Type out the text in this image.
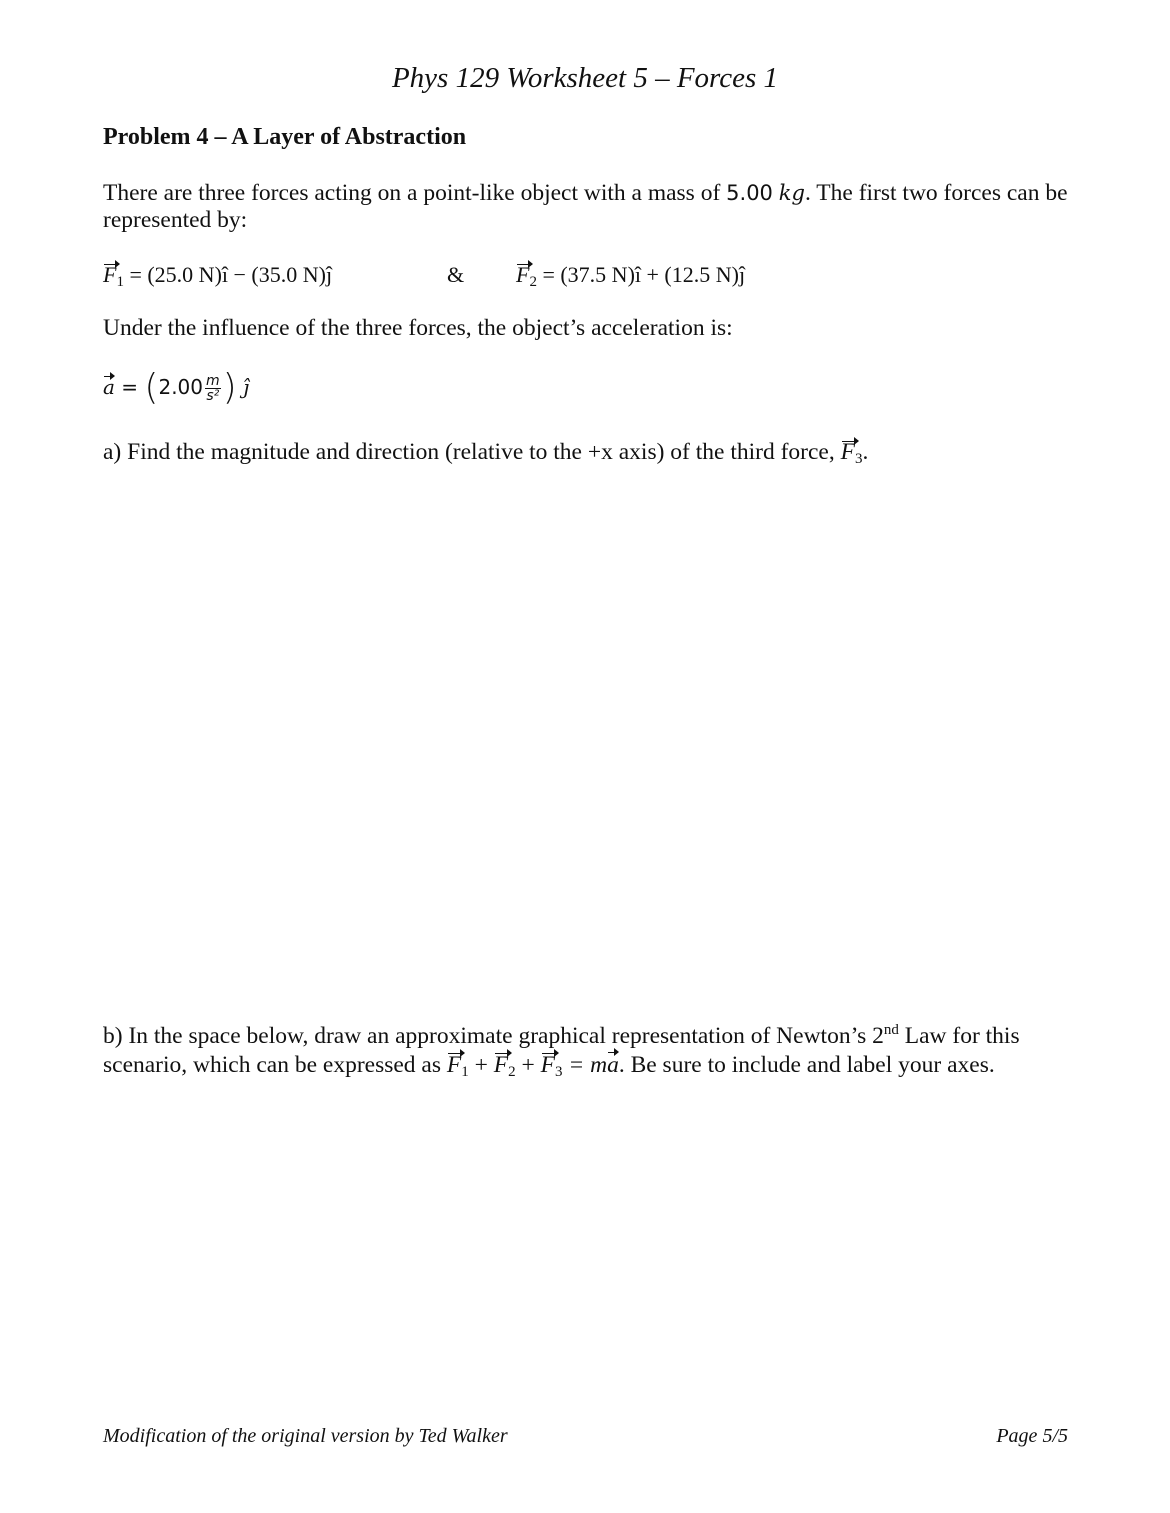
Phys 129 Worksheet 5 – Forces 1
Problem 4 – A Layer of Abstraction
There are three forces acting on a point-like object with a mass of 5.00 kg. The first two forces can be represented by:
$F_1 = (25.0$ N)î − (35.0 N)ĵ	& $F_2 = (37.5$ N)î + (12.5 N)ĵ
Under the influence of the three forces, the object’s acceleration is:
$a = (2.00 \frac{m}{\text{s²}}$ ) ĵ
a) Find the magnitude and direction (relative to the +x axis) of the third force, $F_3$.
b) In the space below, draw an approximate graphical representation of Newton’s 2nd Law for this scenario, which can be expressed as $F_1 + F_2 + F_3$ = ma. Be sure to include and label your axes.
Modification of the original version by Ted Walker	Page 5/5
